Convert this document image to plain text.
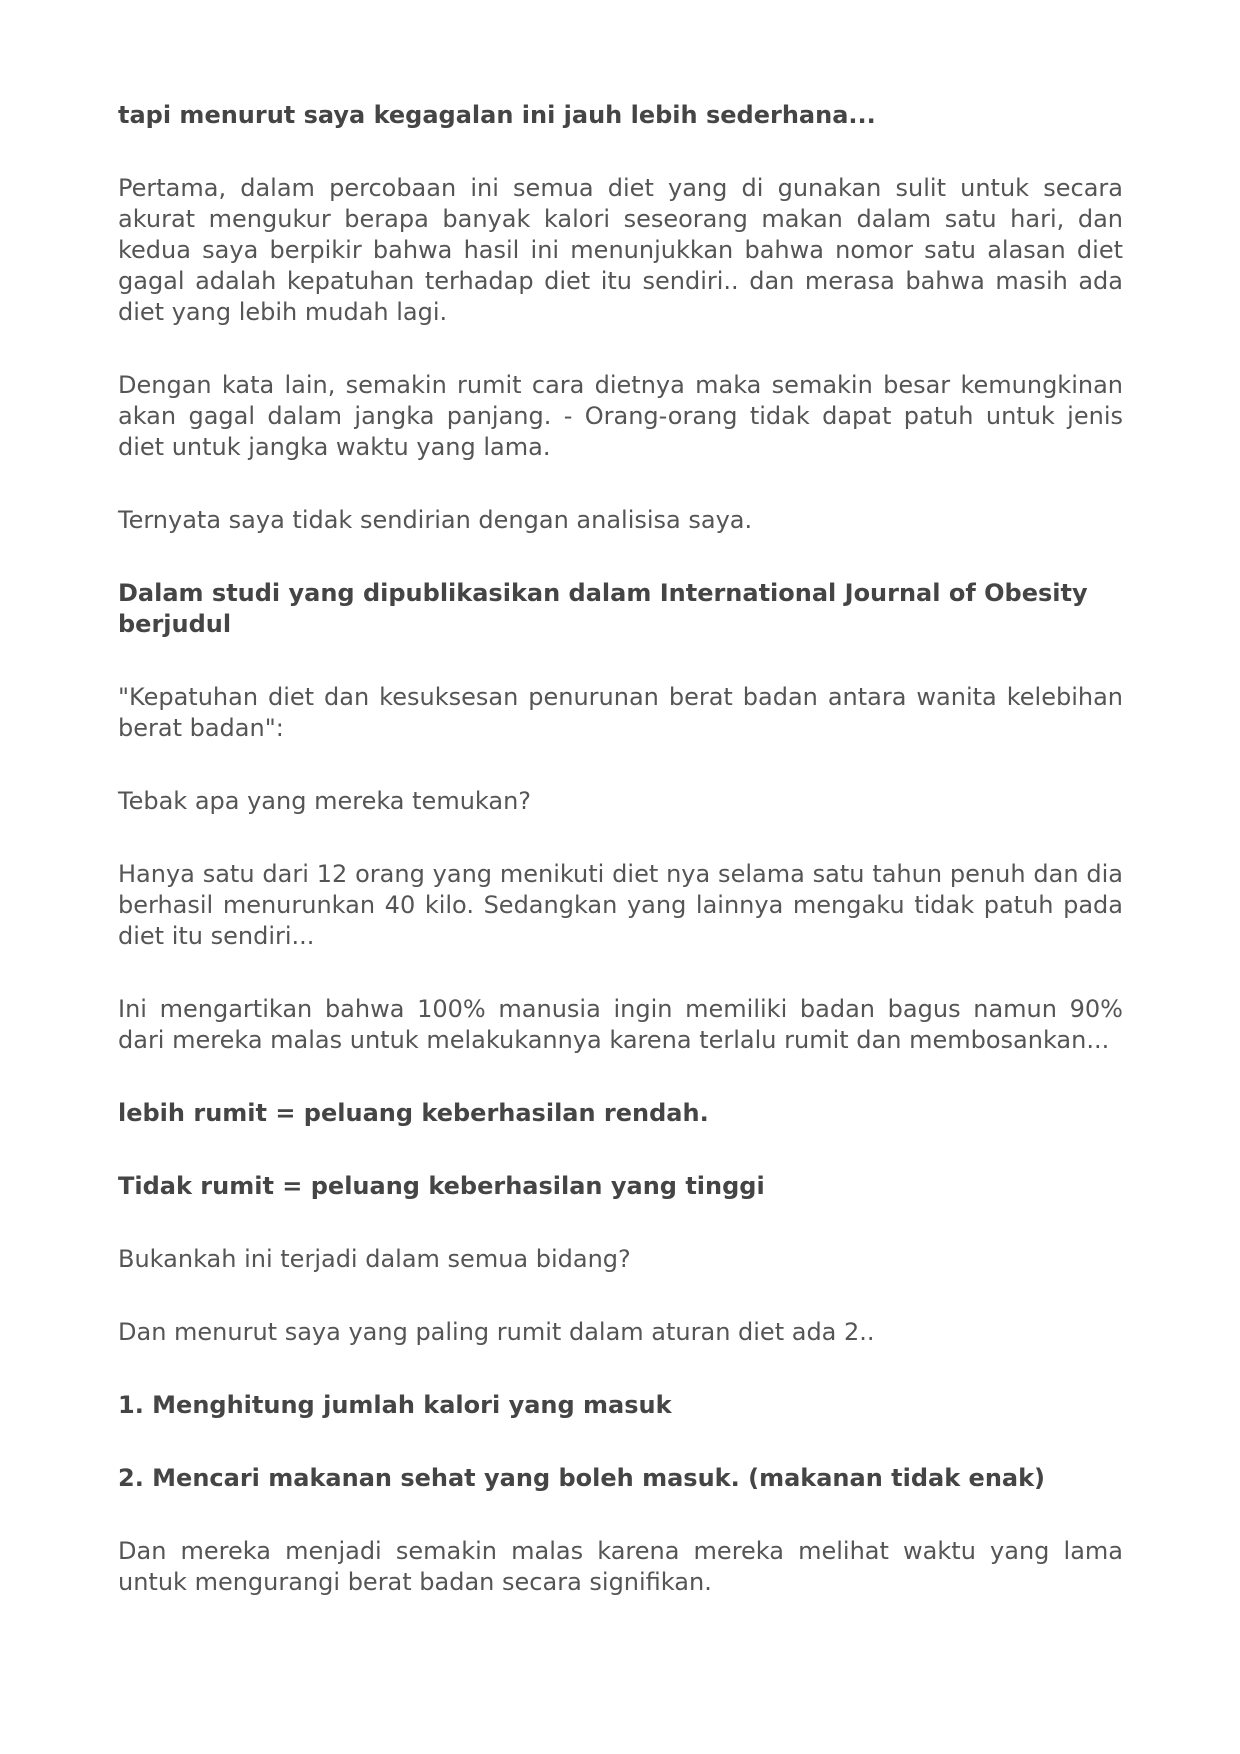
tapi menurut saya kegagalan ini jauh lebih sederhana...

Pertama, dalam percobaan ini semua diet yang di gunakan sulit untuk secara akurat mengukur berapa banyak kalori seseorang makan dalam satu hari, dan kedua saya berpikir bahwa hasil ini menunjukkan bahwa nomor satu alasan diet gagal adalah kepatuhan terhadap diet itu sendiri.. dan merasa bahwa masih ada diet yang lebih mudah lagi.

Dengan kata lain, semakin rumit cara dietnya maka semakin besar kemungkinan akan gagal dalam jangka panjang. - Orang-orang tidak dapat patuh untuk jenis diet untuk jangka waktu yang lama.

Ternyata saya tidak sendirian dengan analisisa saya.

Dalam studi yang dipublikasikan dalam International Journal of Obesity berjudul

"Kepatuhan diet dan kesuksesan penurunan berat badan antara wanita kelebihan berat badan":

Tebak apa yang mereka temukan?

Hanya satu dari 12 orang yang menikuti diet nya selama satu tahun penuh dan dia berhasil menurunkan 40 kilo. Sedangkan yang lainnya mengaku tidak patuh pada diet itu sendiri...

Ini mengartikan bahwa 100% manusia ingin memiliki badan bagus namun 90% dari mereka malas untuk melakukannya karena terlalu rumit dan membosankan...

lebih rumit = peluang keberhasilan rendah.

Tidak rumit = peluang keberhasilan yang tinggi

Bukankah ini terjadi dalam semua bidang?

Dan menurut saya yang paling rumit dalam aturan diet ada 2..

1. Menghitung jumlah kalori yang masuk

2. Mencari makanan sehat yang boleh masuk. (makanan tidak enak)

Dan mereka menjadi semakin malas karena mereka melihat waktu yang lama untuk mengurangi berat badan secara signifikan.
